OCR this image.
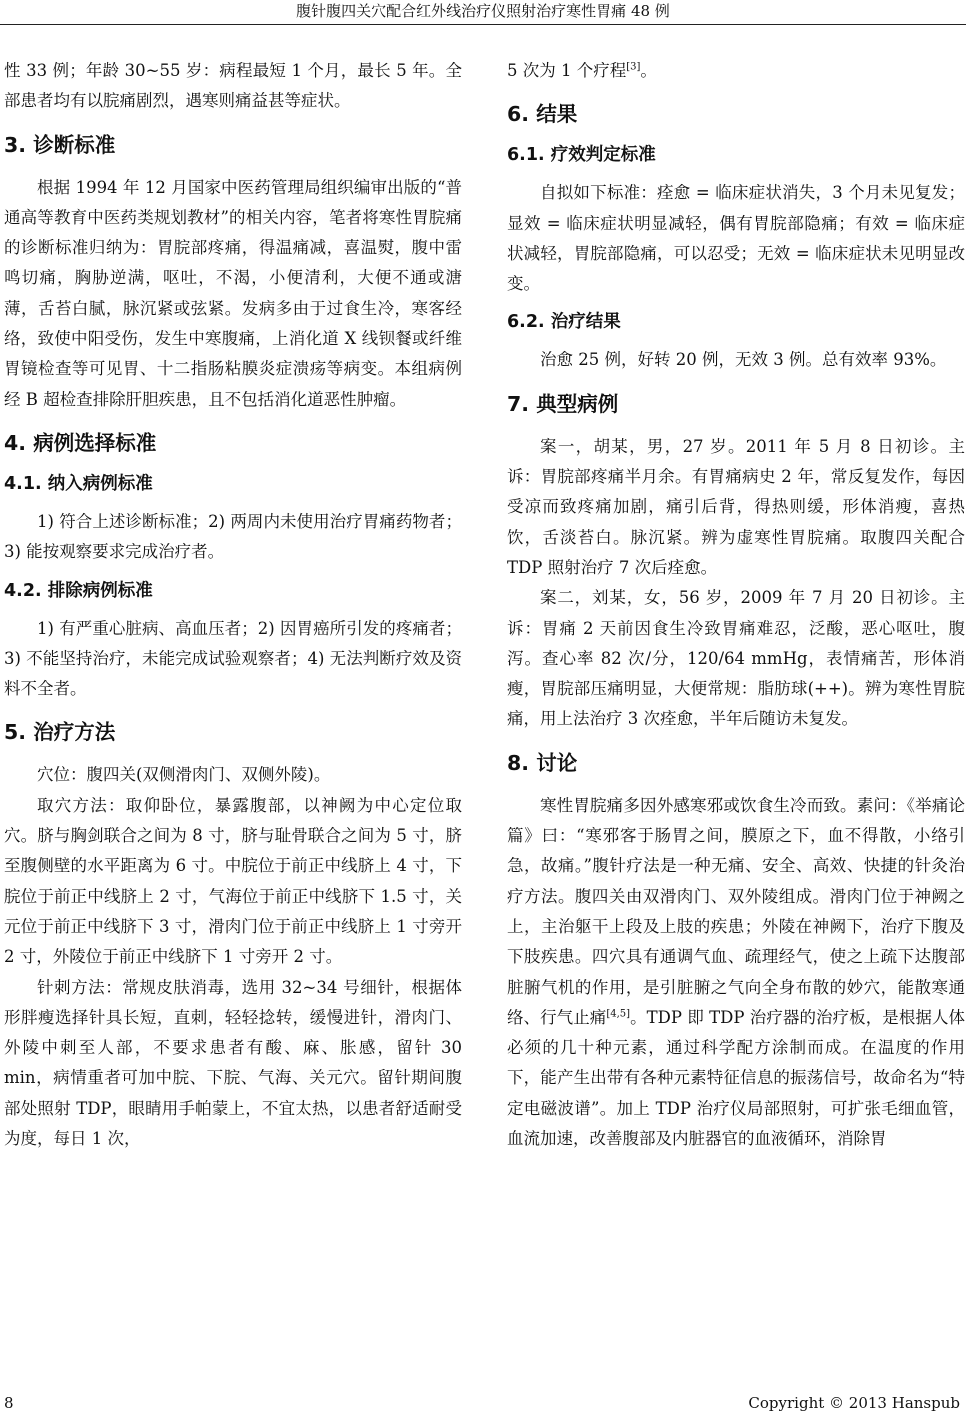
腹针腹四关穴配合红外线治疗仪照射治疗寒性胃痛 48 例

性 33 例；年龄 30~55 岁：病程最短 1 个月，最长 5 年。全部患者均有以脘痛剧烈，遇寒则痛益甚等症状。

3. 诊断标准

根据 1994 年 12 月国家中医药管理局组织编审出版的“普通高等教育中医药类规划教材”的相关内容，笔者将寒性胃脘痛的诊断标准归纳为：胃脘部疼痛，得温痛减，喜温熨，腹中雷鸣切痛，胸胁逆满，呕吐，不渴，小便清利，大便不通或溏薄，舌苔白腻，脉沉紧或弦紧。发病多由于过食生冷，寒客经络，致使中阳受伤，发生中寒腹痛，上消化道 X 线钡餐或纤维胃镜检查等可见胃、十二指肠粘膜炎症溃疡等病变。本组病例经 B 超检查排除肝胆疾患，且不包括消化道恶性肿瘤。

4. 病例选择标准
4.1. 纳入病例标准

1) 符合上述诊断标准；2) 两周内未使用治疗胃痛药物者；3) 能按观察要求完成治疗者。

4.2. 排除病例标准

1) 有严重心脏病、高血压者；2) 因胃癌所引发的疼痛者；3) 不能坚持治疗，未能完成试验观察者；4) 无法判断疗效及资料不全者。

5. 治疗方法

穴位：腹四关(双侧滑肉门、双侧外陵)。

取穴方法：取仰卧位，暴露腹部，以神阙为中心定位取穴。脐与胸剑联合之间为 8 寸，脐与耻骨联合之间为 5 寸，脐至腹侧壁的水平距离为 6 寸。中脘位于前正中线脐上 4 寸，下脘位于前正中线脐上 2 寸，气海位于前正中线脐下 1.5 寸，关元位于前正中线脐下 3 寸，滑肉门位于前正中线脐上 1 寸旁开 2 寸，外陵位于前正中线脐下 1 寸旁开 2 寸。

针刺方法：常规皮肤消毒，选用 32~34 号细针，根据体形胖瘦选择针具长短，直刺，轻轻捻转，缓慢进针，滑肉门、外陵中刺至人部，不要求患者有酸、麻、胀感，留针 30 min，病情重者可加中脘、下脘、气海、关元穴。留针期间腹部处照射 TDP，眼睛用手帕蒙上，不宜太热，以患者舒适耐受为度，每日 1 次，

5 次为 1 个疗程[3]。

6. 结果
6.1. 疗效判定标准

自拟如下标准：痊愈 = 临床症状消失，3 个月未见复发；显效 = 临床症状明显减轻，偶有胃脘部隐痛；有效 = 临床症状减轻，胃脘部隐痛，可以忍受；无效 = 临床症状未见明显改变。

6.2. 治疗结果

治愈 25 例，好转 20 例，无效 3 例。总有效率 93%。

7. 典型病例

案一，胡某，男，27 岁。2011 年 5 月 8 日初诊。主诉：胃脘部疼痛半月余。有胃痛病史 2 年，常反复发作，每因受凉而致疼痛加剧，痛引后背，得热则缓，形体消瘦，喜热饮，舌淡苔白。脉沉紧。辨为虚寒性胃脘痛。取腹四关配合 TDP 照射治疗 7 次后痊愈。

案二，刘某，女，56 岁，2009 年 7 月 20 日初诊。主诉：胃痛 2 天前因食生冷致胃痛难忍，泛酸，恶心呕吐，腹泻。查心率 82 次/分，120/64 mmHg，表情痛苦，形体消瘦，胃脘部压痛明显，大便常规：脂肪球(++)。辨为寒性胃脘痛，用上法治疗 3 次痊愈，半年后随访未复发。

8. 讨论

寒性胃脘痛多因外感寒邪或饮食生冷而致。素问：《举痛论篇》曰：“寒邪客于肠胃之间，膜原之下，血不得散，小络引急，故痛。”腹针疗法是一种无痛、安全、高效、快捷的针灸治疗方法。腹四关由双滑肉门、双外陵组成。滑肉门位于神阙之上，主治躯干上段及上肢的疾患；外陵在神阙下，治疗下腹及下肢疾患。四穴具有通调气血、疏理经气，使之上疏下达腹部脏腑气机的作用，是引脏腑之气向全身布散的妙穴，能散寒通络、行气止痛[4,5]。TDP 即 TDP 治疗器的治疗板，是根据人体必须的几十种元素，通过科学配方涂制而成。在温度的作用下，能产生出带有各种元素特征信息的振荡信号，故命名为“特定电磁波谱”。加上 TDP 治疗仪局部照射，可扩张毛细血管，血流加速，改善腹部及内脏器官的血液循环，消除胃

8	Copyright © 2013 Hanspub
